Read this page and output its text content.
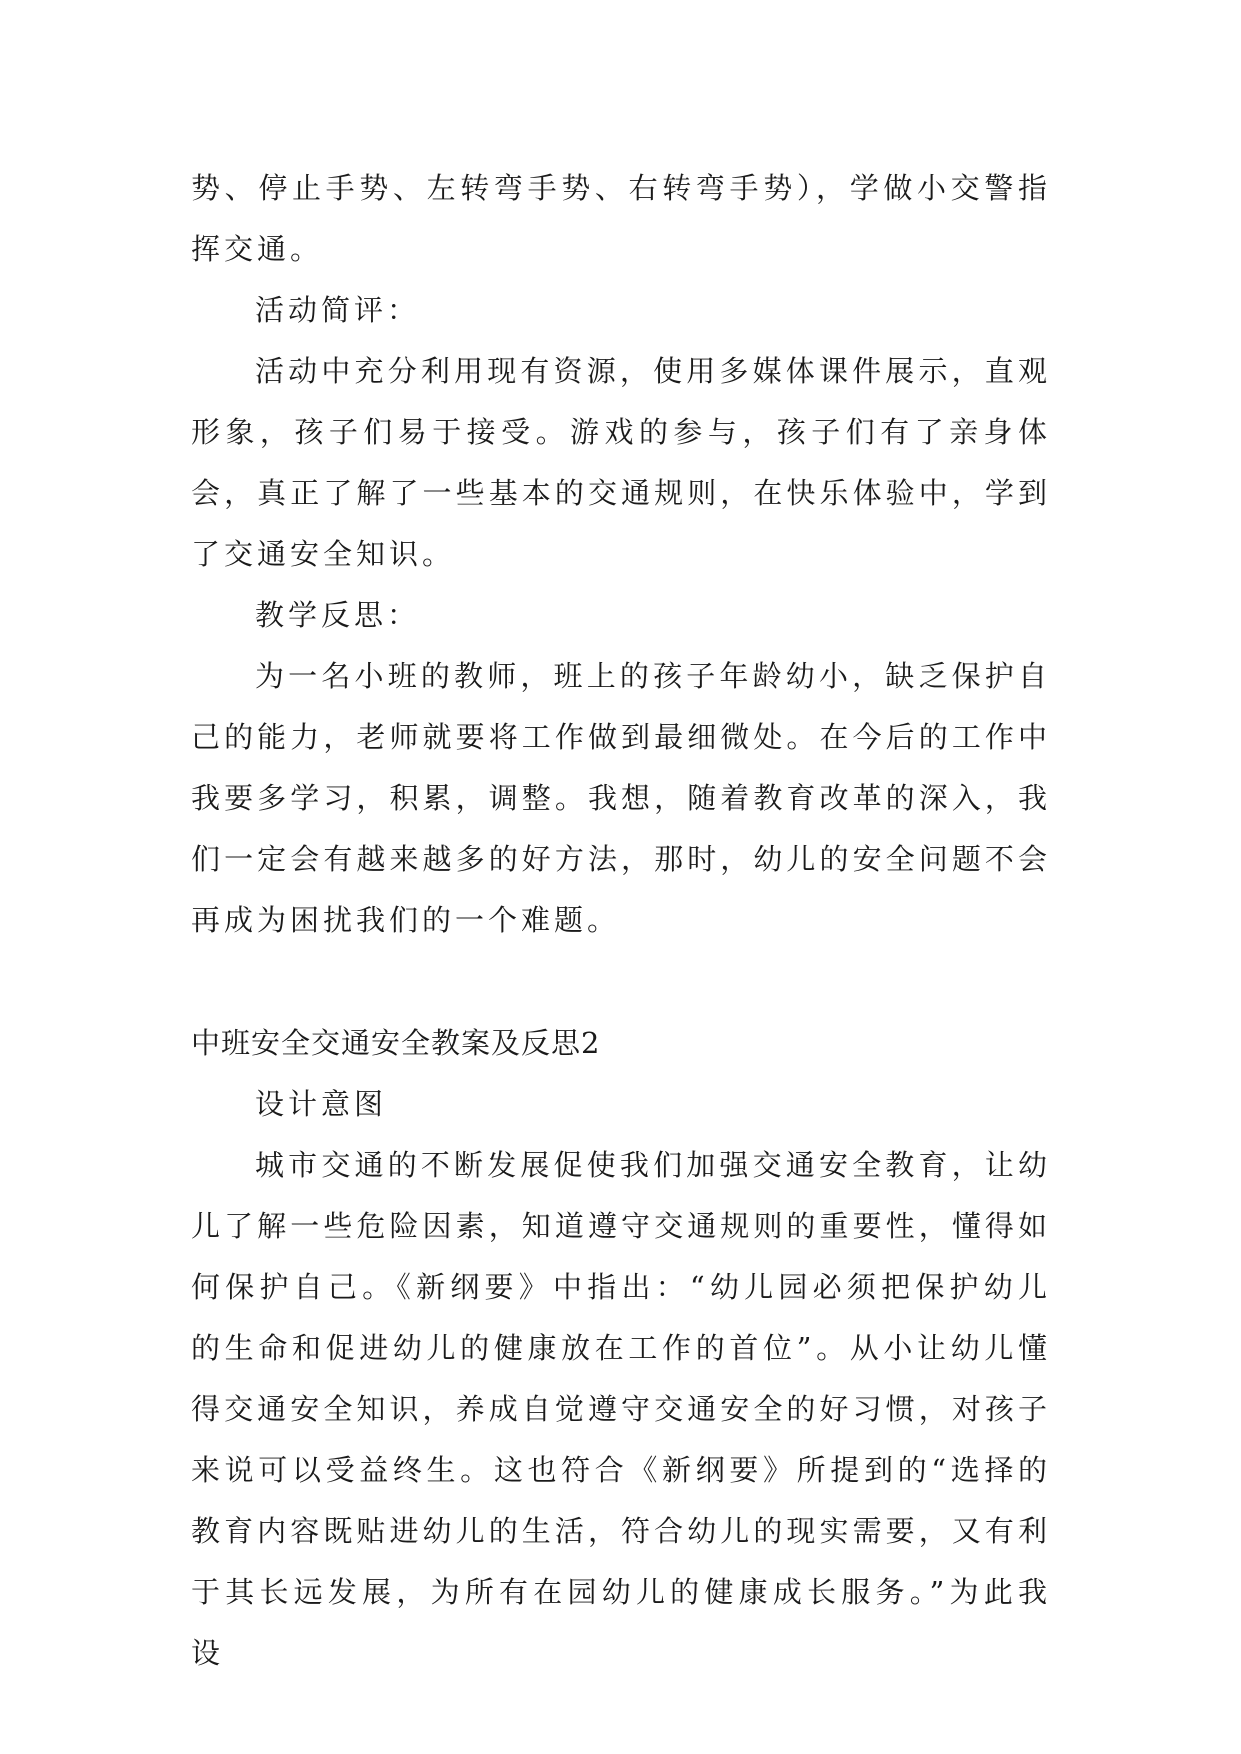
势、停止手势、左转弯手势、右转弯手势），学做小交警指挥交通。

活动简评：

活动中充分利用现有资源，使用多媒体课件展示，直观形象，孩子们易于接受。游戏的参与，孩子们有了亲身体会，真正了解了一些基本的交通规则，在快乐体验中，学到了交通安全知识。

教学反思：

为一名小班的教师，班上的孩子年龄幼小，缺乏保护自己的能力，老师就要将工作做到最细微处。在今后的工作中我要多学习，积累，调整。我想，随着教育改革的深入，我们一定会有越来越多的好方法，那时，幼儿的安全问题不会再成为困扰我们的一个难题。

中班安全交通安全教案及反思2

设计意图

城市交通的不断发展促使我们加强交通安全教育，让幼儿了解一些危险因素，知道遵守交通规则的重要性，懂得如何保护自己。《新纲要》中指出：“幼儿园必须把保护幼儿的生命和促进幼儿的健康放在工作的首位”。从小让幼儿懂得交通安全知识，养成自觉遵守交通安全的好习惯，对孩子来说可以受益终生。这也符合《新纲要》所提到的“选择的教育内容既贴进幼儿的生活，符合幼儿的现实需要，又有利于其长远发展，为所有在园幼儿的健康成长服务。”为此我设
